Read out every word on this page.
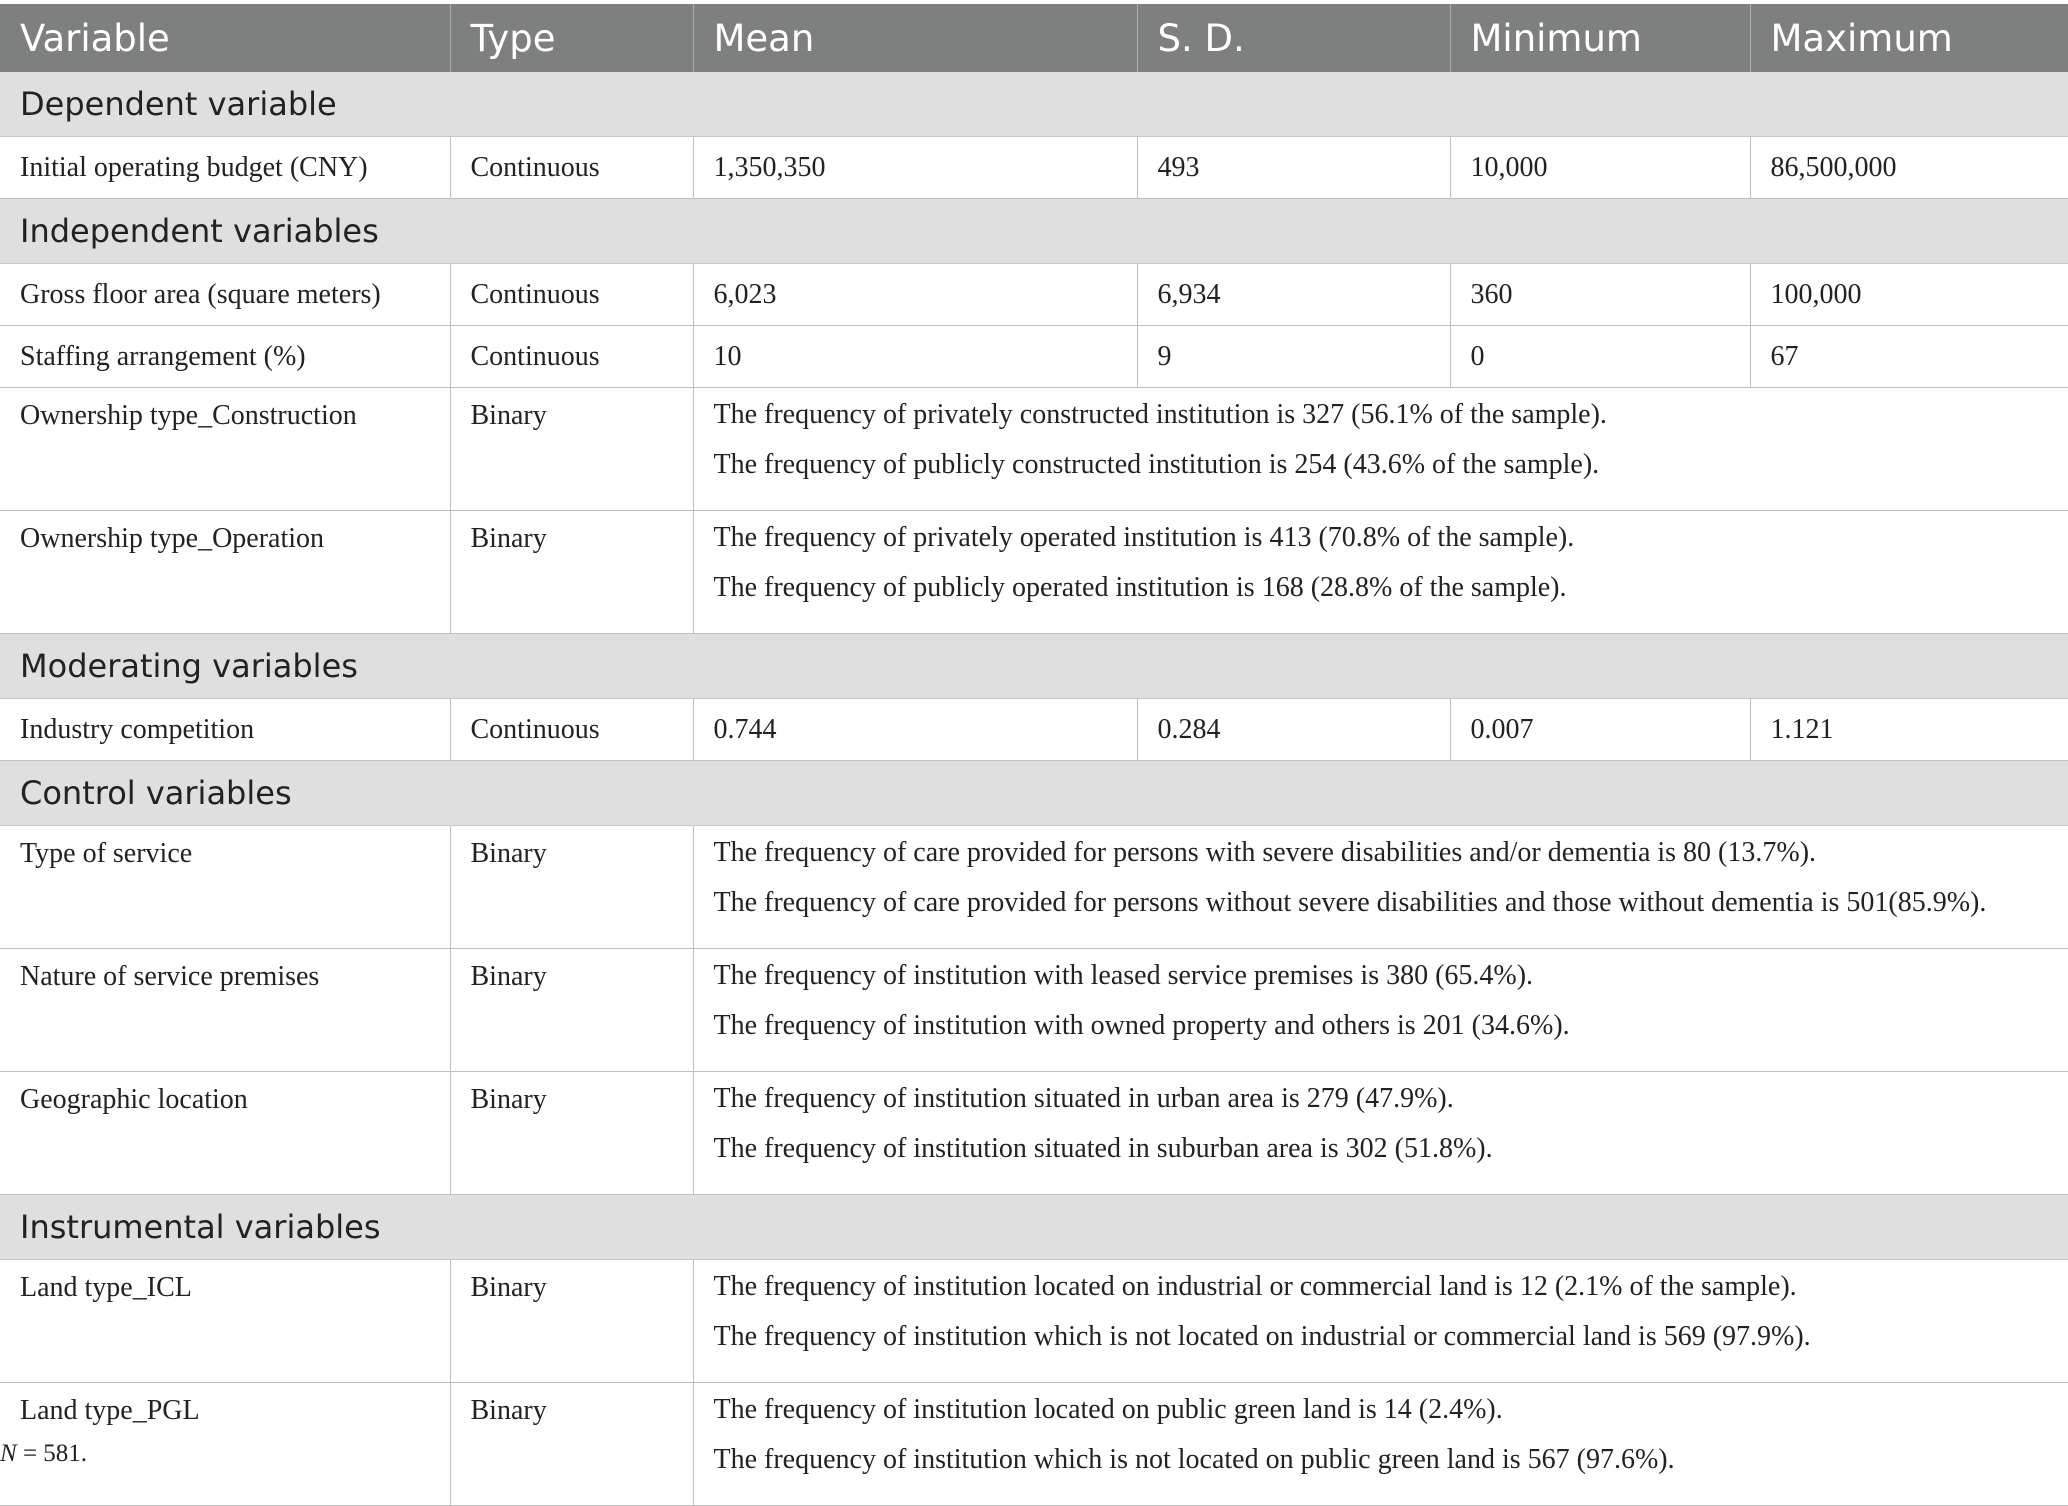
Variable	Type	Mean	S. D.	Minimum	Maximum
Dependent variable					
Initial operating budget (CNY)	Continuous	1,350,350	493	10,000	86,500,000
Independent variables					
Gross floor area (square meters)	Continuous	6,023	6,934	360	100,000
Staffing arrangement (%)	Continuous	10	9	0	67
Ownership type_Construction	Binary	The frequency of privately constructed institution is 327 (56.1% of the sample).
The frequency of publicly constructed institution is 254 (43.6% of the sample).			

Ownership type_Operation	Binary	The frequency of privately operated institution is 413 (70.8% of the sample).
The frequency of publicly operated institution is 168 (28.8% of the sample).			

Moderating variables					
Industry competition	Continuous	0.744	0.284	0.007	1.121
Control variables					
Type of service	Binary	The frequency of care provided for persons with severe disabilities and/or dementia is 80 (13.7%).
The frequency of care provided for persons without severe disabilities and those without dementia is 501(85.9%).			

Nature of service premises	Binary	The frequency of institution with leased service premises is 380 (65.4%).
The frequency of institution with owned property and others is 201 (34.6%).			

Geographic location	Binary	The frequency of institution situated in urban area is 279 (47.9%).
The frequency of institution situated in suburban area is 302 (51.8%).			

Instrumental variables					
Land type_ICL	Binary	The frequency of institution located on industrial or commercial land is 12 (2.1% of the sample).
The frequency of institution which is not located on industrial or commercial land is 569 (97.9%).			

Land type_PGL	Binary	The frequency of institution located on public green land is 14 (2.4%).
The frequency of institution which is not located on public green land is 567 (97.6%).			
N = 581.
